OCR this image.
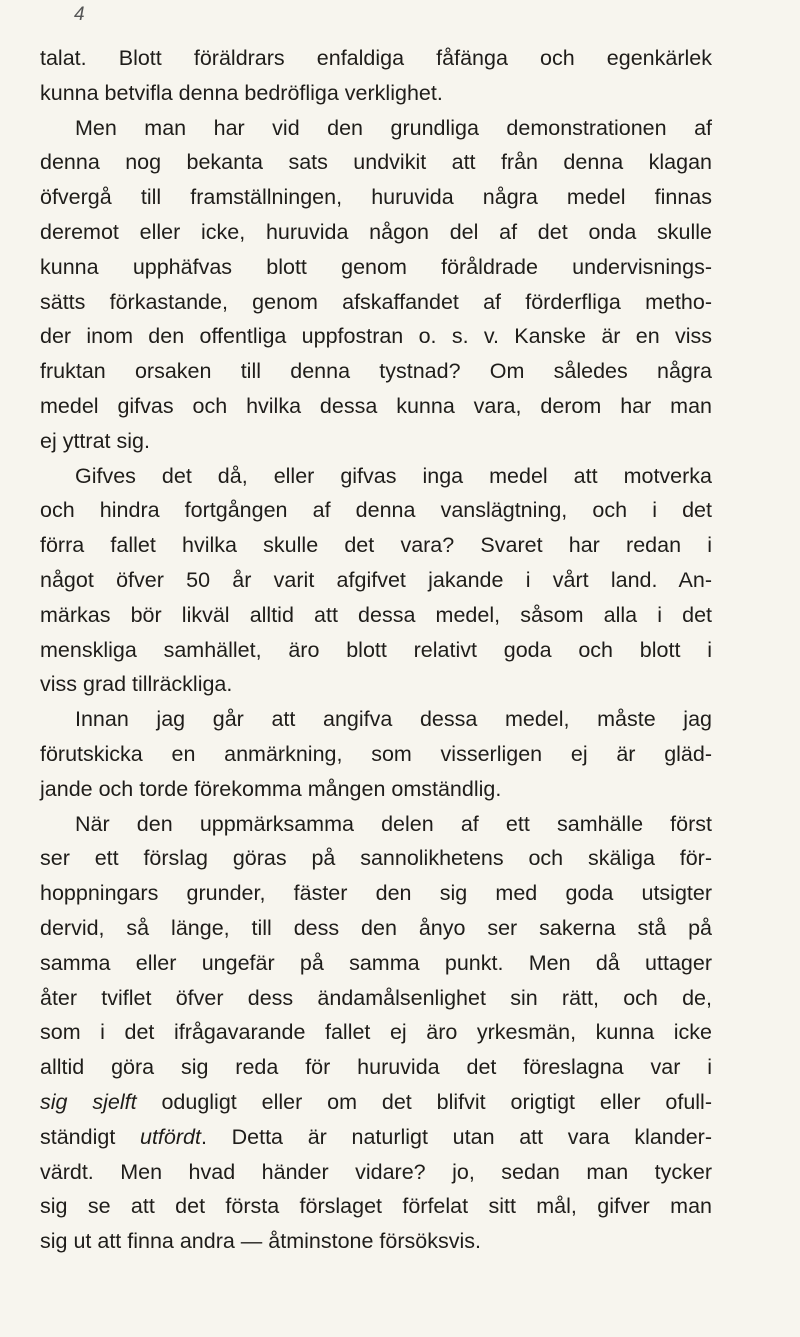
4
talat. Blott föräldrars enfaldiga fåfänga och egenkärlek
kunna betvifla denna bedröfliga verklighet.
Men man har vid den grundliga demonstrationen af
denna nog bekanta sats undvikit att från denna klagan
öfvergå till framställningen, huruvida några medel finnas
deremot eller icke, huruvida någon del af det onda skulle
kunna upphäfvas blott genom föråldrade undervisnings-
sätts förkastande, genom afskaffandet af förderfliga metho-
der inom den offentliga uppfostran o. s. v. Kanske är en viss
fruktan orsaken till denna tystnad? Om således några
medel gifvas och hvilka dessa kunna vara, derom har man
ej yttrat sig.
Gifves det då, eller gifvas inga medel att motverka
och hindra fortgången af denna vanslägtning, och i det
förra fallet hvilka skulle det vara? Svaret har redan i
något öfver 50 år varit afgifvet jakande i vårt land. An-
märkas bör likväl alltid att dessa medel, såsom alla i det
menskliga samhället, äro blott relativt goda och blott i
viss grad tillräckliga.
Innan jag går att angifva dessa medel, måste jag
förutskicka en anmärkning, som visserligen ej är gläd-
jande och torde förekomma mången omständlig.
När den uppmärksamma delen af ett samhälle först
ser ett förslag göras på sannolikhetens och skäliga för-
hoppningars grunder, fäster den sig med goda utsigter
dervid, så länge, till dess den ånyo ser sakerna stå på
samma eller ungefär på samma punkt. Men då uttager
åter tviflet öfver dess ändamålsenlighet sin rätt, och de,
som i det ifrågavarande fallet ej äro yrkesmän, kunna icke
alltid göra sig reda för huruvida det föreslagna var i
sig sjelft odugligt eller om det blifvit origtigt eller ofull-
ständigt utfördt. Detta är naturligt utan att vara klander-
värdt. Men hvad händer vidare? jo, sedan man tycker
sig se att det första förslaget förfelat sitt mål, gifver man
sig ut att finna andra — åtminstone försöksvis.
